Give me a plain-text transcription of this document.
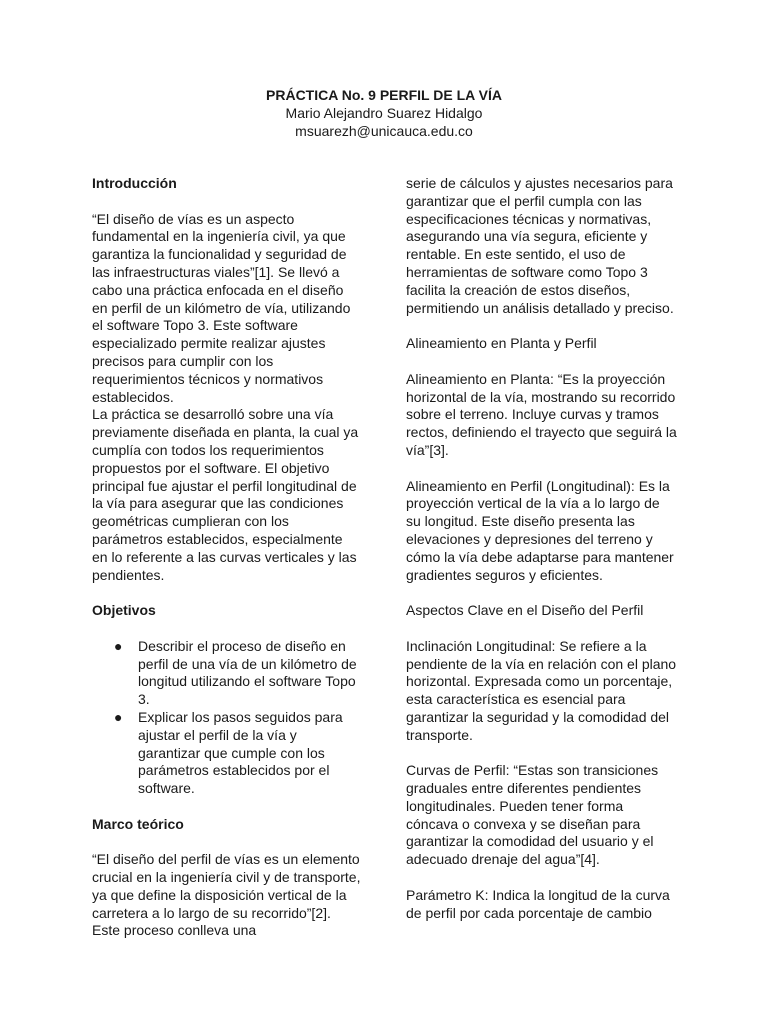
PRÁCTICA No. 9 PERFIL DE LA VÍA
Mario Alejandro Suarez Hidalgo
msuarezh@unicauca.edu.co

Introducción

“El diseño de vías es un aspecto fundamental en la ingeniería civil, ya que garantiza la funcionalidad y seguridad de las infraestructuras viales”[1]. Se llevó a cabo una práctica enfocada en el diseño en perfil de un kilómetro de vía, utilizando el software Topo 3. Este software especializado permite realizar ajustes precisos para cumplir con los requerimientos técnicos y normativos establecidos.

La práctica se desarrolló sobre una vía previamente diseñada en planta, la cual ya cumplía con todos los requerimientos propuestos por el software. El objetivo principal fue ajustar el perfil longitudinal de la vía para asegurar que las condiciones geométricas cumplieran con los parámetros establecidos, especialmente en lo referente a las curvas verticales y las pendientes.

Objetivos

● Describir el proceso de diseño en perfil de una vía de un kilómetro de longitud utilizando el software Topo 3.
● Explicar los pasos seguidos para ajustar el perfil de la vía y garantizar que cumple con los parámetros establecidos por el software.

Marco teórico

“El diseño del perfil de vías es un elemento crucial en la ingeniería civil y de transporte, ya que define la disposición vertical de la carretera a lo largo de su recorrido”[2]. Este proceso conlleva una

serie de cálculos y ajustes necesarios para garantizar que el perfil cumpla con las especificaciones técnicas y normativas, asegurando una vía segura, eficiente y rentable. En este sentido, el uso de herramientas de software como Topo 3 facilita la creación de estos diseños, permitiendo un análisis detallado y preciso.

Alineamiento en Planta y Perfil

Alineamiento en Planta: “Es la proyección horizontal de la vía, mostrando su recorrido sobre el terreno. Incluye curvas y tramos rectos, definiendo el trayecto que seguirá la vía”[3].

Alineamiento en Perfil (Longitudinal): Es la proyección vertical de la vía a lo largo de su longitud. Este diseño presenta las elevaciones y depresiones del terreno y cómo la vía debe adaptarse para mantener gradientes seguros y eficientes.

Aspectos Clave en el Diseño del Perfil

Inclinación Longitudinal: Se refiere a la pendiente de la vía en relación con el plano horizontal. Expresada como un porcentaje, esta característica es esencial para garantizar la seguridad y la comodidad del transporte.

Curvas de Perfil: “Estas son transiciones graduales entre diferentes pendientes longitudinales. Pueden tener forma cóncava o convexa y se diseñan para garantizar la comodidad del usuario y el adecuado drenaje del agua”[4].

Parámetro K: Indica la longitud de la curva de perfil por cada porcentaje de cambio
